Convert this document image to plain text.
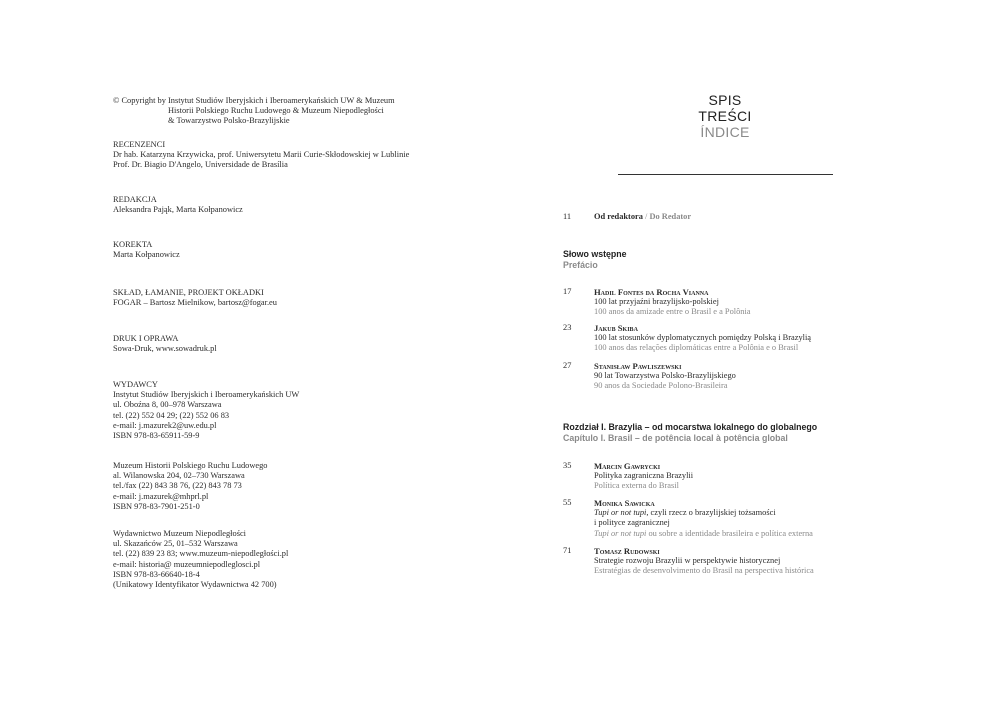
© Copyright by Instytut Studiów Iberyjskich i Iberoamerykańskich UW & Muzeum
Historii Polskiego Ruchu Ludowego & Muzeum Niepodległości
& Towarzystwo Polsko-Brazylijskie
RECENZENCI
Dr hab. Katarzyna Krzywicka, prof. Uniwersytetu Marii Curie-Skłodowskiej w Lublinie
Prof. Dr. Biagio D'Angelo, Universidade de Brasília
REDAKCJA
Aleksandra Pająk, Marta Kołpanowicz
KOREKTA
Marta Kołpanowicz
SKŁAD, ŁAMANIE, PROJEKT OKŁADKI
FOGAR – Bartosz Mielnikow, bartosz@fogar.eu
DRUK I OPRAWA
Sowa-Druk, www.sowadruk.pl
WYDAWCY
Instytut Studiów Iberyjskich i Iberoamerykańskich UW
ul. Oboźna 8, 00–978 Warszawa
tel. (22) 552 04 29; (22) 552 06 83
e-mail: j.mazurek2@uw.edu.pl
ISBN 978-83-65911-59-9
Muzeum Historii Polskiego Ruchu Ludowego
al. Wilanowska 204, 02–730 Warszawa
tel./fax (22) 843 38 76, (22) 843 78 73
e-mail: j.mazurek@mhprl.pl
ISBN 978-83-7901-251-0
Wydawnictwo Muzeum Niepodległości
ul. Skazańców 25, 01–532 Warszawa
tel. (22) 839 23 83; www.muzeum-niepodległości.pl
e-mail: historia@ muzeumniepodleglosci.pl
ISBN 978-83-66640-18-4
(Unikatowy Identyfikator Wydawnictwa 42 700)
SPIS TREŚCI
ÍNDICE
11	Od redaktora / Do Redator
Słowo wstępne
Prefácio
17	Hadil Fontes da Rocha Vianna
100 lat przyjaźni brazylijsko-polskiej
100 anos da amizade entre o Brasil e a Polônia
23	Jakub Skiba
100 lat stosunków dyplomatycznych pomiędzy Polską i Brazylią
100 anos das relações diplomáticas entre a Polônia e o Brasil
27	Stanisław Pawliszewski
90 lat Towarzystwa Polsko-Brazylijskiego
90 anos da Sociedade Polono-Brasileira
Rozdział I. Brazylia – od mocarstwa lokalnego do globalnego
Capítulo I. Brasil – de potência local à potência global
35	Marcin Gawrycki
Polityka zagraniczna Brazylii
Política externa do Brasil
55	Monika Sawicka
Tupi or not tupi, czyli rzecz o brazylijskiej tożsamości
i polityce zagranicznej
Tupi or not tupi ou sobre a identidade brasileira e política externa
71	Tomasz Rudowski
Strategie rozwoju Brazylii w perspektywie historycznej
Estratégias de desenvolvimento do Brasil na perspectiva histórica
